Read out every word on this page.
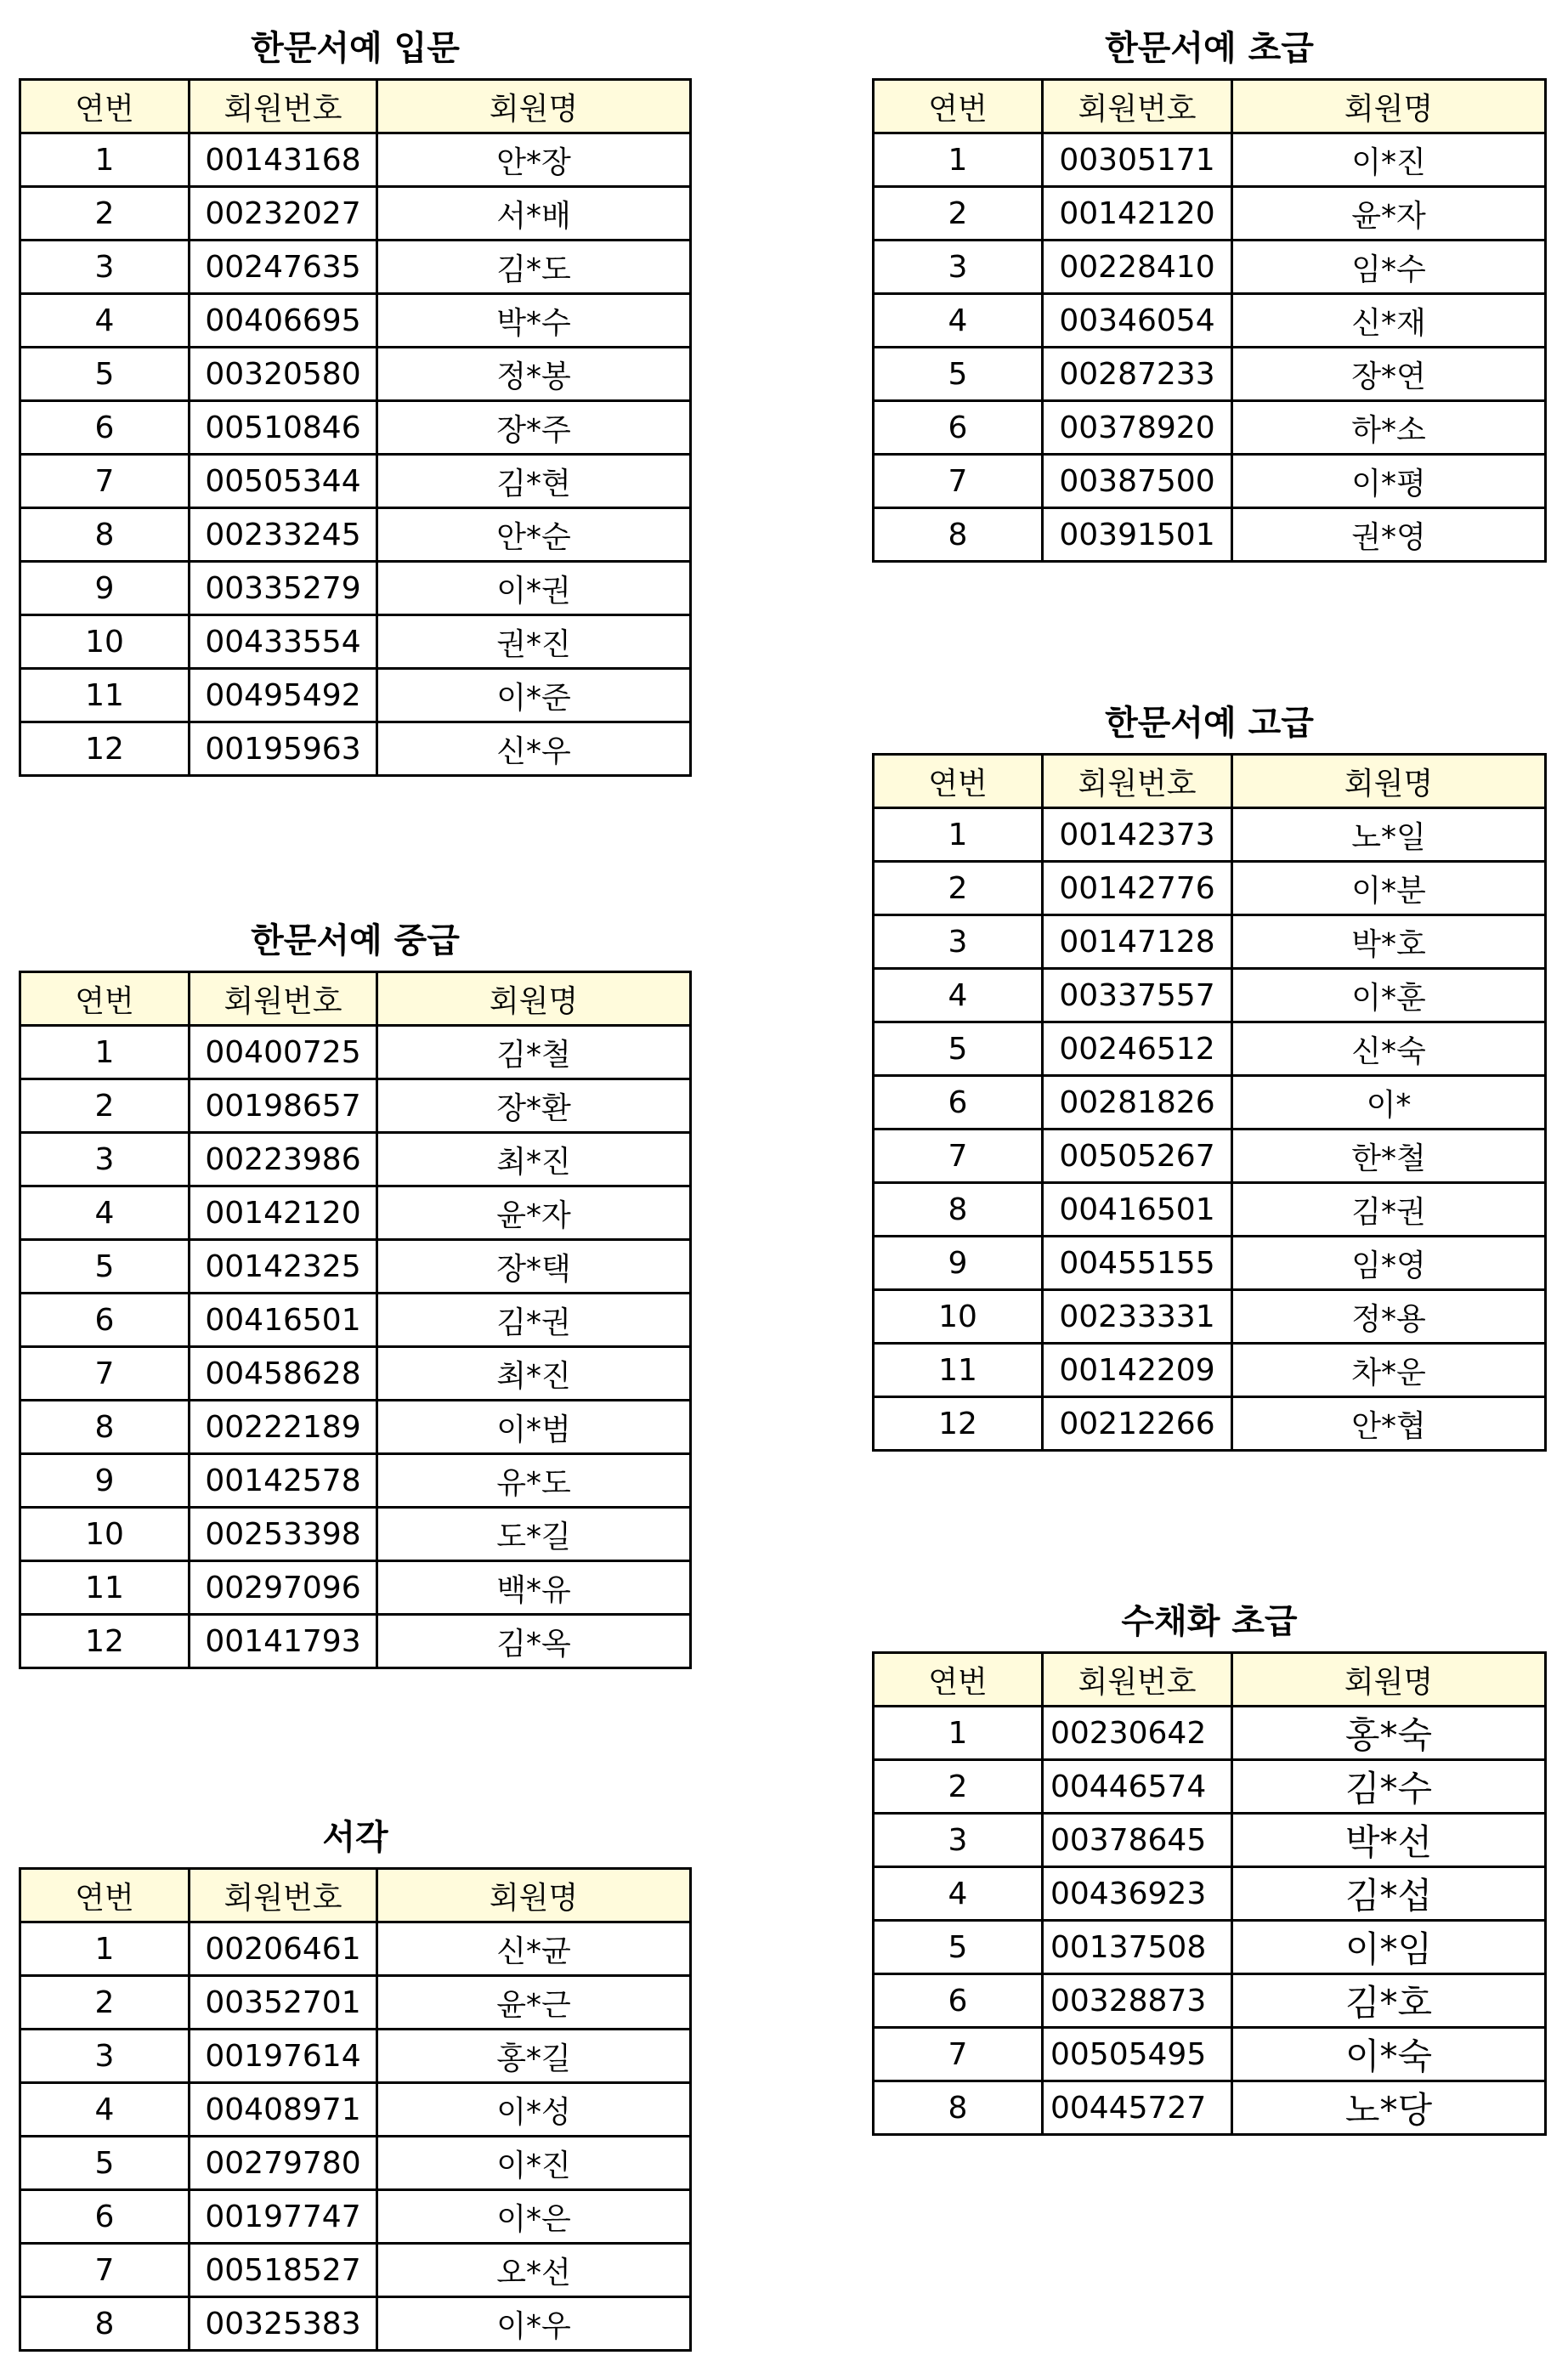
한문서예 입문
연번	회원번호	회원명
1	00143168	안*장
2	00232027	서*배
3	00247635	김*도
4	00406695	박*수
5	00320580	정*봉
6	00510846	장*주
7	00505344	김*현
8	00233245	안*순
9	00335279	이*권
10	00433554	권*진
11	00495492	이*준
12	00195963	신*우
한문서예 중급
연번	회원번호	회원명
1	00400725	김*철
2	00198657	장*환
3	00223986	최*진
4	00142120	윤*자
5	00142325	장*택
6	00416501	김*권
7	00458628	최*진
8	00222189	이*범
9	00142578	유*도
10	00253398	도*길
11	00297096	백*유
12	00141793	김*옥
서각
연번	회원번호	회원명
1	00206461	신*균
2	00352701	윤*근
3	00197614	홍*길
4	00408971	이*성
5	00279780	이*진
6	00197747	이*은
7	00518527	오*선
8	00325383	이*우
한문서예 초급
연번	회원번호	회원명
1	00305171	이*진
2	00142120	윤*자
3	00228410	임*수
4	00346054	신*재
5	00287233	장*연
6	00378920	하*소
7	00387500	이*평
8	00391501	권*영
한문서예 고급
연번	회원번호	회원명
1	00142373	노*일
2	00142776	이*분
3	00147128	박*호
4	00337557	이*훈
5	00246512	신*숙
6	00281826	이*
7	00505267	한*철
8	00416501	김*권
9	00455155	임*영
10	00233331	정*용
11	00142209	차*운
12	00212266	안*협
수채화 초급
연번	회원번호	회원명
1	00230642	홍*숙
2	00446574	김*수
3	00378645	박*선
4	00436923	김*섭
5	00137508	이*임
6	00328873	김*호
7	00505495	이*숙
8	00445727	노*당
